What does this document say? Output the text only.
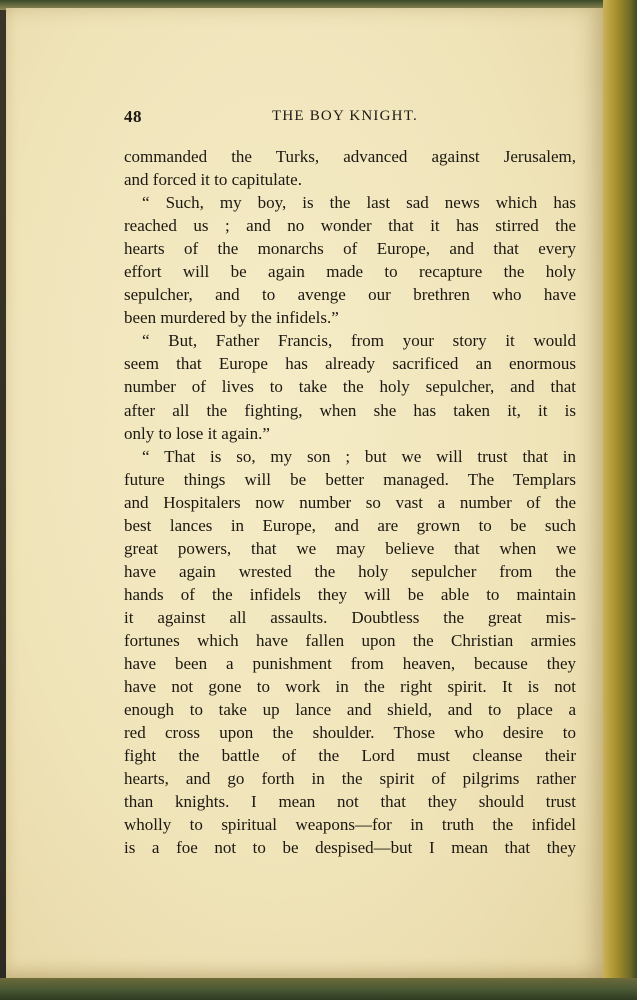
48	THE BOY KNIGHT.
commanded the Turks, advanced against Jerusalem,
and forced it to capitulate.
“ Such, my boy, is the last sad news which has
reached us ; and no wonder that it has stirred the
hearts of the monarchs of Europe, and that every
effort will be again made to recapture the holy
sepulcher, and to avenge our brethren who have
been murdered by the infidels.”
“ But, Father Francis, from your story it would
seem that Europe has already sacrificed an enormous
number of lives to take the holy sepulcher, and that
after all the fighting, when she has taken it, it is
only to lose it again.”
“ That is so, my son ; but we will trust that in
future things will be better managed. The Templars
and Hospitalers now number so vast a number of the
best lances in Europe, and are grown to be such
great powers, that we may believe that when we
have again wrested the holy sepulcher from the
hands of the infidels they will be able to maintain
it against all assaults. Doubtless the great mis-
fortunes which have fallen upon the Christian armies
have been a punishment from heaven, because they
have not gone to work in the right spirit. It is not
enough to take up lance and shield, and to place a
red cross upon the shoulder. Those who desire to
fight the battle of the Lord must cleanse their
hearts, and go forth in the spirit of pilgrims rather
than knights. I mean not that they should trust
wholly to spiritual weapons—for in truth the infidel
is a foe not to be despised—but I mean that they
